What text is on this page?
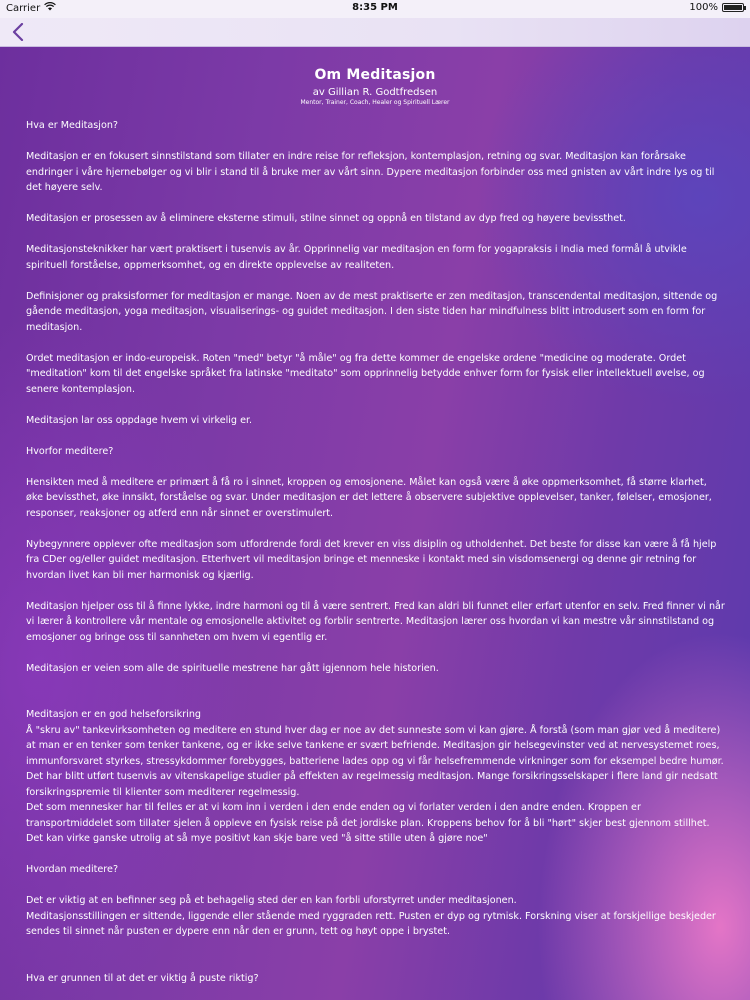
Carrier	8:35 PM	100%
Om Meditasjon
av Gillian R. Godtfredsen
Mentor, Trainer, Coach, Healer og Spirituell Lærer
Hva er Meditasjon?

Meditasjon er en fokusert sinnstilstand som tillater en indre reise for refleksjon, kontemplasjon, retning og svar. Meditasjon kan forårsake endringer i våre hjernebølger og vi blir i stand til å bruke mer av vårt sinn. Dypere meditasjon forbinder oss med gnisten av vårt indre lys og til det høyere selv.

Meditasjon er prosessen av å eliminere eksterne stimuli, stilne sinnet og oppnå en tilstand av dyp fred og høyere bevissthet.

Meditasjonsteknikker har vært praktisert i tusenvis av år. Opprinnelig var meditasjon en form for yogapraksis i India med formål å utvikle spirituell forståelse, oppmerksomhet, og en direkte opplevelse av realiteten.

Definisjoner og praksisformer for meditasjon er mange. Noen av de mest praktiserte er zen meditasjon, transcendental meditasjon, sittende og gående meditasjon, yoga meditasjon, visualiserings- og guidet meditasjon. I den siste tiden har mindfulness blitt introdusert som en form for meditasjon.

Ordet meditasjon er indo-europeisk. Roten "med" betyr "å måle" og fra dette kommer de engelske ordene "medicine og moderate. Ordet "meditation" kom til det engelske språket fra latinske "meditato" som opprinnelig betydde enhver form for fysisk eller intellektuell øvelse, og senere kontemplasjon.

Meditasjon lar oss oppdage hvem vi virkelig er.

Hvorfor meditere?

Hensikten med å meditere er primært å få ro i sinnet, kroppen og emosjonene. Målet kan også være å øke oppmerksomhet, få større klarhet, øke bevissthet, øke innsikt, forståelse og svar. Under meditasjon er det lettere å observere subjektive opplevelser, tanker, følelser, emosjoner, responser, reaksjoner og atferd enn når sinnet er overstimulert.

Nybegynnere opplever ofte meditasjon som utfordrende fordi det krever en viss disiplin og utholdenhet. Det beste for disse kan være å få hjelp fra CDer og/eller guidet meditasjon. Etterhvert vil meditasjon bringe et menneske i kontakt med sin visdomsenergi og denne gir retning for hvordan livet kan bli mer harmonisk og kjærlig.

Meditasjon hjelper oss til å finne lykke, indre harmoni og til å være sentrert. Fred kan aldri bli funnet eller erfart utenfor en selv. Fred finner vi når vi lærer å kontrollere vår mentale og emosjonelle aktivitet og forblir sentrerte. Meditasjon lærer oss hvordan vi kan mestre vår sinnstilstand og emosjoner og bringe oss til sannheten om hvem vi egentlig er.

Meditasjon er veien som alle de spirituelle mestrene har gått igjennom hele historien.

Meditasjon er en god helseforsikring
Å "skru av" tankevirksomheten og meditere en stund hver dag er noe av det sunneste som vi kan gjøre. Å forstå (som man gjør ved å meditere) at man er en tenker som tenker tankene, og er ikke selve tankene er svært befriende. Meditasjon gir helsegevinster ved at nervesystemet roes, immunforsvaret styrkes, stressykdommer forebygges, batteriene lades opp og vi får helsefremmende virkninger som for eksempel bedre humør.
Det har blitt utført tusenvis av vitenskapelige studier på effekten av regelmessig meditasjon. Mange forsikringsselskaper i flere land gir nedsatt forsikringspremie til klienter som mediterer regelmessig.
Det som mennesker har til felles er at vi kom inn i verden i den ende enden og vi forlater verden i den andre enden. Kroppen er transportmiddelet som tillater sjelen å oppleve en fysisk reise på det jordiske plan. Kroppens behov for å bli "hørt" skjer best gjennom stillhet.
Det kan virke ganske utrolig at så mye positivt kan skje bare ved "å sitte stille uten å gjøre noe"

Hvordan meditere?

Det er viktig at en befinner seg på et behagelig sted der en kan forbli uforstyrret under meditasjonen.
Meditasjonsstillingen er sittende, liggende eller stående med ryggraden rett. Pusten er dyp og rytmisk. Forskning viser at forskjellige beskjeder sendes til sinnet når pusten er dypere enn når den er grunn, tett og høyt oppe i brystet.

Hva er grunnen til at det er viktig å puste riktig?
